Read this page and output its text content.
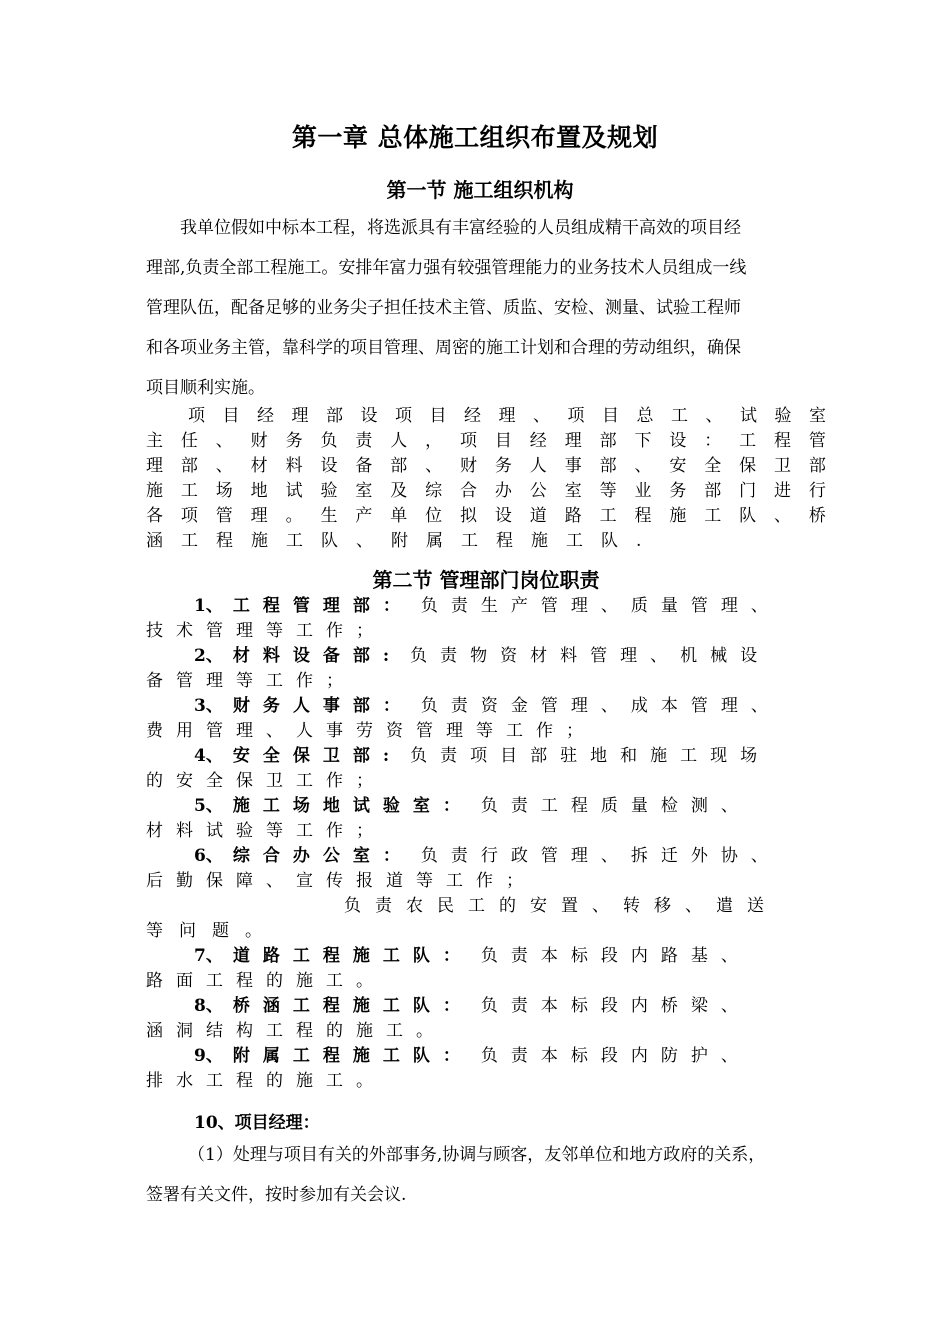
第一章 总体施工组织布置及规划
第一节 施工组织机构
我单位假如中标本工程，将选派具有丰富经验的人员组成精干高效的项目经
理部,负责全部工程施工。安排年富力强有较强管理能力的业务技术人员组成一线
管理队伍，配备足够的业务尖子担任技术主管、质监、安检、测量、试验工程师
和各项业务主管，靠科学的项目管理、周密的施工计划和合理的劳动组织，确保
项目顺利实施。
项 目 经 理 部 设 项 目 经 理 、 项 目 总 工 、 试 验 室
主 任 、 财 务 负 责 人 ， 项 目 经 理 部 下 设 ： 工 程 管
理 部 、 材 料 设 备 部 、 财 务 人 事 部 、 安 全 保 卫 部
施 工 场 地 试 验 室 及 综 合 办 公 室 等 业 务 部 门 进 行
各 项 管 理 。 生 产 单 位 拟 设 道 路 工 程 施 工 队 、 桥
涵 工 程 施 工 队 、 附 属 工 程 施 工 队 .
第二节 管理部门岗位职责
1、 工程管理部 ： 负责生产管理、质量管理、
技术管理等工作；
2、 材料设备部 : 负责物资材料管理、机械设
备管理等工作；
3、 财务人事部 ： 负责资金管理、成本管理、
费用管理、人事劳资管理等工作；
4、 安全保卫部 : 负责项目部驻地和施工现场
的安全保卫工作；
5、 施工场地试验室 ： 负责工程质量检测、
材料试验等工作；
6、 综合办公室 ： 负责行政管理、拆迁外协、
后勤保障、宣传报道等工作；
负责农民工的安置、转移、遣送
等问题。
7、 道路工程施工队 ： 负责本标段内路基、
路面工程的施工。
8、 桥涵工程施工队 ： 负责本标段内桥梁、
涵洞结构工程的施工。
9、 附属工程施工队 ： 负责本标段内防护、
排水工程的施工。
10、项目经理：
（1）处理与项目有关的外部事务,协调与顾客，友邻单位和地方政府的关系，
签署有关文件，按时参加有关会议.
